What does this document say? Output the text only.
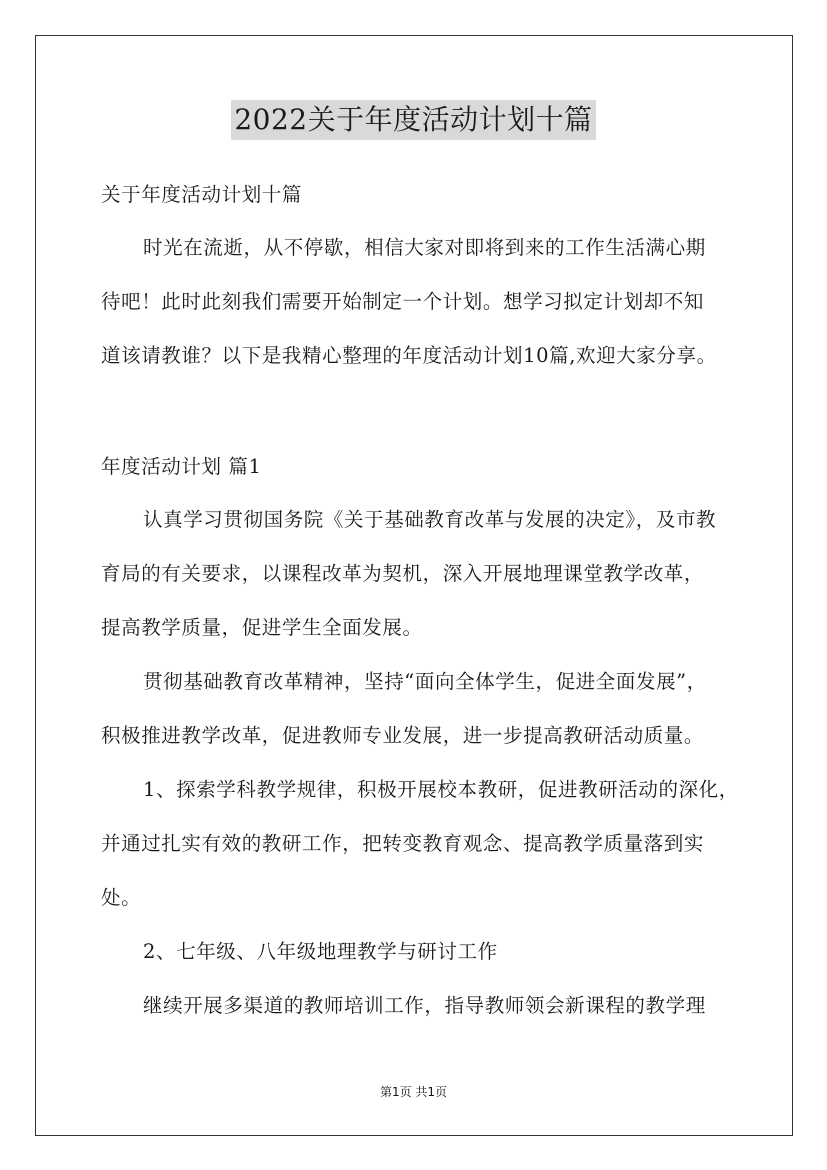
2022关于年度活动计划十篇
关于年度活动计划十篇
时光在流逝，从不停歇，相信大家对即将到来的工作生活满心期
待吧！此时此刻我们需要开始制定一个计划。想学习拟定计划却不知
道该请教谁？以下是我精心整理的年度活动计划10篇,欢迎大家分享。
年度活动计划 篇1
认真学习贯彻国务院《关于基础教育改革与发展的决定》，及市教
育局的有关要求，以课程改革为契机，深入开展地理课堂教学改革，
提高教学质量，促进学生全面发展。
贯彻基础教育改革精神，坚持“面向全体学生，促进全面发展”，
积极推进教学改革，促进教师专业发展，进一步提高教研活动质量。
1、探索学科教学规律，积极开展校本教研，促进教研活动的深化，
并通过扎实有效的教研工作，把转变教育观念、提高教学质量落到实
处。
2、七年级、八年级地理教学与研讨工作
继续开展多渠道的教师培训工作，指导教师领会新课程的教学理
第1页 共1页
